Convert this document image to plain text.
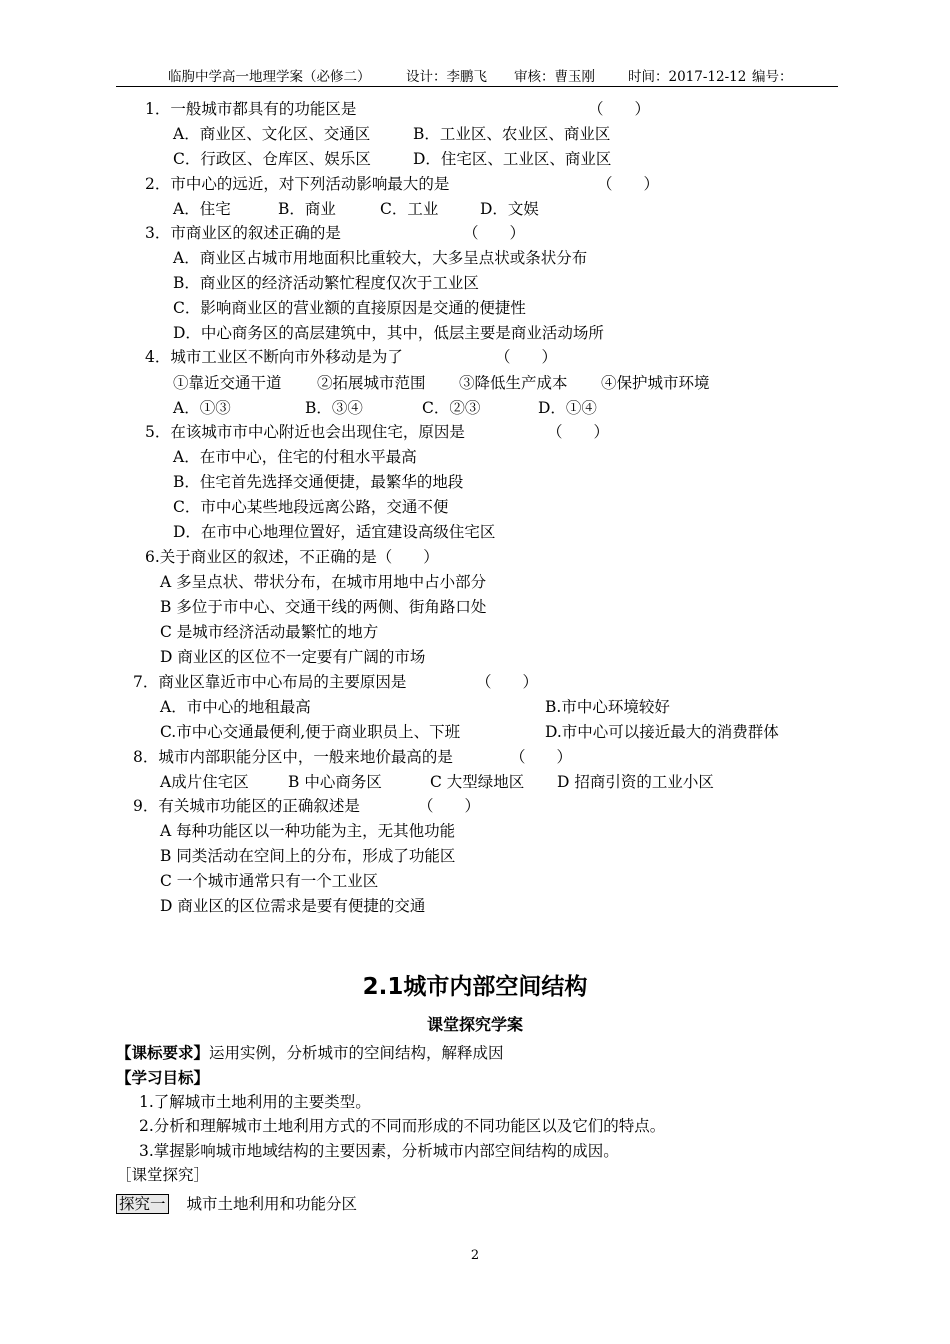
临朐中学高一地理学案（必修二）	设计：李鹏飞 审核：曹玉刚 时间：2017-12-12 编号：
1．一般城市都具有的功能区是	（　　）
A．商业区、文化区、交通区	B．工业区、农业区、商业区
C．行政区、仓库区、娱乐区	D．住宅区、工业区、商业区
2．市中心的远近，对下列活动影响最大的是	（　　）
A．住宅	B．商业	C．工业	D．文娱
3．市商业区的叙述正确的是	（　　）
A．商业区占城市用地面积比重较大，大多呈点状或条状分布
B．商业区的经济活动繁忙程度仅次于工业区
C．影响商业区的营业额的直接原因是交通的便捷性
D．中心商务区的高层建筑中，其中，低层主要是商业活动场所
4．城市工业区不断向市外移动是为了	（　　）
①靠近交通干道 ②拓展城市范围 ③降低生产成本 ④保护城市环境
A．①③	B．③④	C．②③	D．①④
5．在该城市市中心附近也会出现住宅，原因是	（　　）
A．在市中心，住宅的付租水平最高
B．住宅首先选择交通便捷，最繁华的地段
C．市中心某些地段远离公路，交通不便
D．在市中心地理位置好，适宜建设高级住宅区
6.关于商业区的叙述，不正确的是（　　）
A 多呈点状、带状分布，在城市用地中占小部分
B 多位于市中心、交通干线的两侧、街角路口处
C 是城市经济活动最繁忙的地方
D 商业区的区位不一定要有广阔的市场
7．商业区靠近市中心布局的主要原因是	（　　）
A．市中心的地租最高	B.市中心环境较好
C.市中心交通最便利,便于商业职员上、下班	D.市中心可以接近最大的消费群体
8．城市内部职能分区中，一般来地价最高的是	（　　）
A成片住宅区	B 中心商务区	C 大型绿地区 D 招商引资的工业小区
9．有关城市功能区的正确叙述是	（　　）
A 每种功能区以一种功能为主，无其他功能
B 同类活动在空间上的分布，形成了功能区
C 一个城市通常只有一个工业区
D 商业区的区位需求是要有便捷的交通
2.1城市内部空间结构
课堂探究学案
【课标要求】运用实例，分析城市的空间结构，解释成因
【学习目标】
1.了解城市土地利用的主要类型。
2.分析和理解城市土地利用方式的不同而形成的不同功能区以及它们的特点。
3.掌握影响城市地域结构的主要因素，分析城市内部空间结构的成因。
［课堂探究］
探究一 城市土地利用和功能分区
2
